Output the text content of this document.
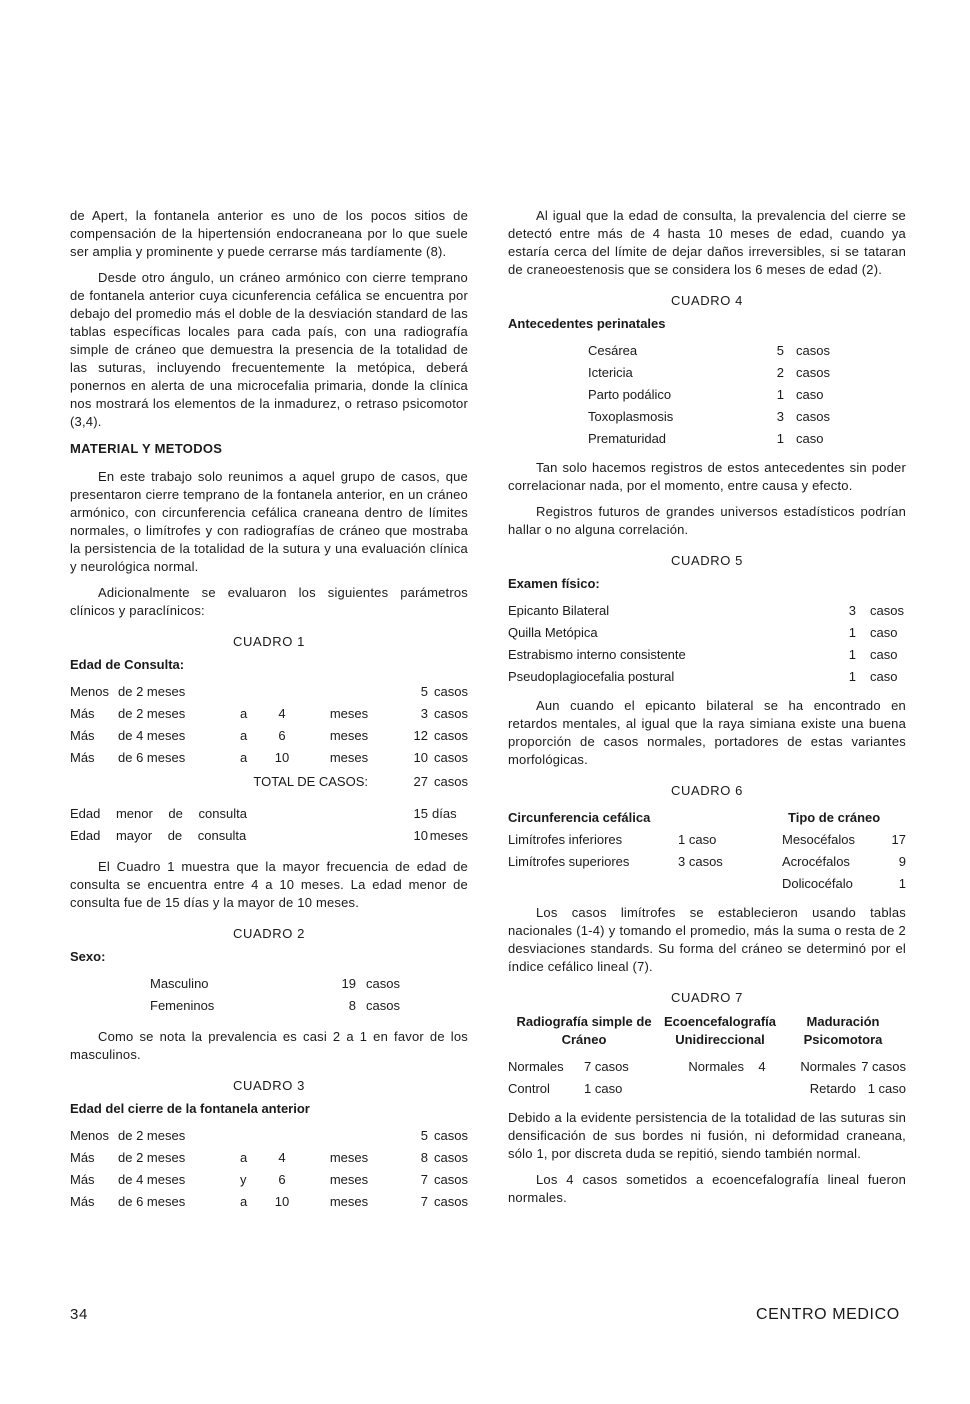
de Apert, la fontanela anterior es uno de los pocos sitios de compensación de la hipertensión endocraneana por lo que suele ser amplia y prominente y puede cerrarse más tardíamente (8).

Desde otro ángulo, un cráneo armónico con cierre temprano de fontanela anterior cuya cicunferencia cefálica se encuentra por debajo del promedio más el doble de la desviación standard de las tablas específicas locales para cada país, con una radiografía simple de cráneo que demuestra la presencia de la totalidad de las suturas, incluyendo frecuentemente la metópica, deberá ponernos en alerta de una microcefalia primaria, donde la clínica nos mostrará los elementos de la inmadurez, o retraso psicomotor (3,4).

MATERIAL Y METODOS

En este trabajo solo reunimos a aquel grupo de casos, que presentaron cierre temprano de la fontanela anterior, en un cráneo armónico, con circunferencia cefálica craneana dentro de límites normales, o limítrofes y con radiografías de cráneo que mostraba la persistencia de la totalidad de la sutura y una evaluación clínica y neurológica normal.

Adicionalmente se evaluaron los siguientes parámetros clínicos y paraclínicos:

CUADRO 1
Edad de Consulta:
Menos	de 2 meses				5	casos
Más	de 2 meses	a	4	meses	3	casos
Más	de 4 meses	a	6	meses	12	casos
Más	de 6 meses	a	10	meses	10	casos
TOTAL DE CASOS:					27	casos

Edad menor de consulta					15	días
Edad mayor de consulta					10	meses

El Cuadro 1 muestra que la mayor frecuencia de edad de consulta se encuentra entre 4 a 10 meses. La edad menor de consulta fue de 15 días y la mayor de 10 meses.

CUADRO 2
Sexo:
Masculino	19	casos
Femeninos	8	casos

Como se nota la prevalencia es casi 2 a 1 en favor de los masculinos.

CUADRO 3
Edad del cierre de la fontanela anterior
Menos	de 2 meses				5	casos
Más	de 2 meses	a	4	meses	8	casos
Más	de 4 meses	y	6	meses	7	casos
Más	de 6 meses	a	10	meses	7	casos

Al igual que la edad de consulta, la prevalencia del cierre se detectó entre más de 4 hasta 10 meses de edad, cuando ya estaría cerca del límite de dejar daños irreversibles, si se tataran de craneoestenosis que se considera los 6 meses de edad (2).

CUADRO 4
Antecedentes perinatales
Cesárea	5	casos
Ictericia	2	casos
Parto podálico	1	caso
Toxoplasmosis	3	casos
Prematuridad	1	caso

Tan solo hacemos registros de estos antecedentes sin poder correlacionar nada, por el momento, entre causa y efecto.

Registros futuros de grandes universos estadísticos podrían hallar o no alguna correlación.

CUADRO 5
Examen físico:
Epicanto Bilateral	3	casos
Quilla Metópica	1	caso
Estrabismo interno consistente	1	caso
Pseudoplagiocefalia postural	1	caso

Aun cuando el epicanto bilateral se ha encontrado en retardos mentales, al igual que la raya simiana existe una buena proporción de casos normales, portadores de estas variantes morfológicas.

CUADRO 6
Circunferencia cefálica		Tipo de cráneo	
Limítrofes inferiores	1 caso	Mesocéfalos	17
Limítrofes superiores	3 casos	Acrocéfalos	9
		Dolicocéfalo	1

Los casos limítrofes se establecieron usando tablas nacionales (1-4) y tomando el promedio, más la suma o resta de 2 desviaciones standards. Su forma del cráneo se determinó por el índice cefálico lineal (7).

CUADRO 7
Radiografía simple de Cráneo		Ecoencefalografía Unidireccional		Maduración Psicomotora	

Normales	7 casos	Normales	4	Normales	7 casos
Control	1 caso			Retardo	1 caso

Debido a la evidente persistencia de la totalidad de las suturas sin densificación de sus bordes ni fusión, ni deformidad craneana, sólo 1, por discreta duda se repitió, siendo también normal.

Los 4 casos sometidos a ecoencefalografía lineal fueron normales.

34	CENTRO MEDICO
